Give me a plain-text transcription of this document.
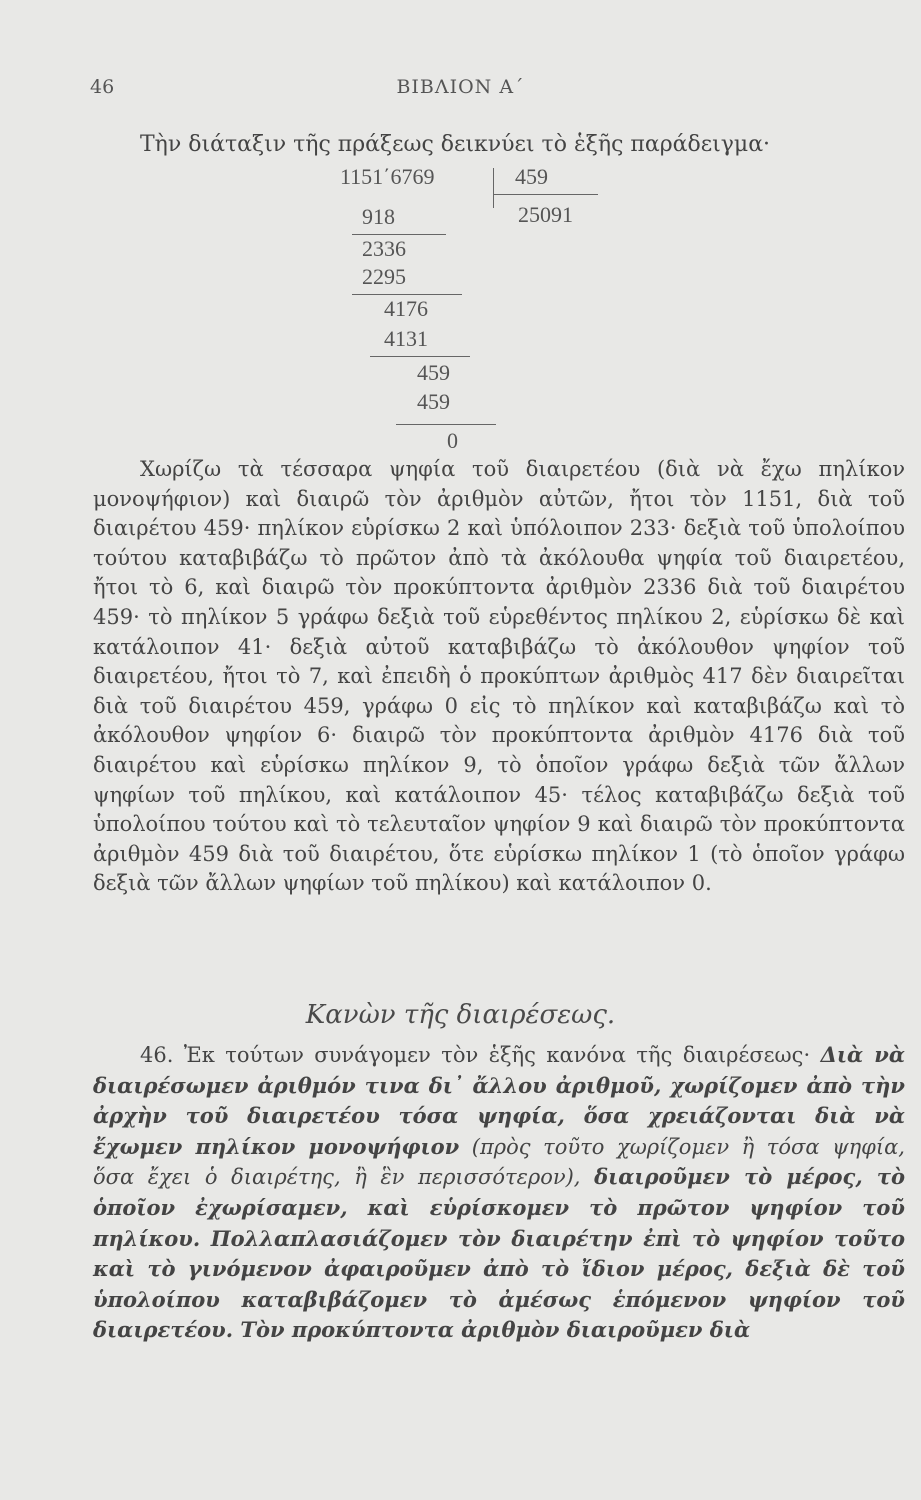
46	ΒΙΒΛΙΟΝ Α΄
Τὴν διάταξιν τῆς πράξεως δεικνύει τὸ ἑξῆς παράδειγμα·
1151΄6769	459
25091
918
2336
2295
4176
4131
459
459
0

Χωρίζω τὰ τέσσαρα ψηφία τοῦ διαιρετέου (διὰ νὰ ἔχω πηλίκον μονοψήφιον) καὶ διαιρῶ τὸν ἀριθμὸν αὐτῶν, ἤτοι τὸν 1151, διὰ τοῦ διαιρέτου 459· πηλίκον εὑρίσκω 2 καὶ ὑπόλοιπον 233· δεξιὰ τοῦ ὑπολοίπου τούτου καταβιβάζω τὸ πρῶτον ἀπὸ τὰ ἀκόλουθα ψηφία τοῦ διαιρετέου, ἤτοι τὸ 6, καὶ διαιρῶ τὸν προκύπτοντα ἀριθμὸν 2336 διὰ τοῦ διαιρέτου 459· τὸ πηλίκον 5 γράφω δεξιὰ τοῦ εὑρεθέντος πηλίκου 2, εὑρίσκω δὲ καὶ κατάλοιπον 41· δεξιὰ αὐτοῦ καταβιβάζω τὸ ἀκόλουθον ψηφίον τοῦ διαιρετέου, ἤτοι τὸ 7, καὶ ἐπειδὴ ὁ προκύπτων ἀριθμὸς 417 δὲν διαιρεῖται διὰ τοῦ διαιρέτου 459, γράφω 0 εἰς τὸ πηλίκον καὶ καταβιβάζω καὶ τὸ ἀκόλουθον ψηφίον 6· διαιρῶ τὸν προκύπτοντα ἀριθμὸν 4176 διὰ τοῦ διαιρέτου καὶ εὑρίσκω πηλίκον 9, τὸ ὁποῖον γράφω δεξιὰ τῶν ἄλλων ψηφίων τοῦ πηλίκου, καὶ κατάλοιπον 45· τέλος καταβιβάζω δεξιὰ τοῦ ὑπολοίπου τούτου καὶ τὸ τελευταῖον ψηφίον 9 καὶ διαιρῶ τὸν προκύπτοντα ἀριθμὸν 459 διὰ τοῦ διαιρέτου, ὅτε εὑρίσκω πηλίκον 1 (τὸ ὁποῖον γράφω δεξιὰ τῶν ἄλλων ψηφίων τοῦ πηλίκου) καὶ κατάλοιπον 0.

Κανὼν τῆς διαιρέσεως.

46. Ἐκ τούτων συνάγομεν τὸν ἑξῆς κανόνα τῆς διαιρέσεως· Διὰ νὰ διαιρέσωμεν ἀριθμόν τινα δι᾽ ἄλλου ἀριθμοῦ, χωρίζομεν ἀπὸ τὴν ἀρχὴν τοῦ διαιρετέου τόσα ψηφία, ὅσα χρειάζονται διὰ νὰ ἔχωμεν πηλίκον μονοψήφιον (πρὸς τοῦτο χωρίζομεν ἢ τόσα ψηφία, ὅσα ἔχει ὁ διαιρέτης, ἢ ἓν περισσότερον), διαιροῦμεν τὸ μέρος, τὸ ὁποῖον ἐχωρίσαμεν, καὶ εὑρίσκομεν τὸ πρῶτον ψηφίον τοῦ πηλίκου. Πολλαπλασιάζομεν τὸν διαιρέτην ἐπὶ τὸ ψηφίον τοῦτο καὶ τὸ γινόμενον ἀφαιροῦμεν ἀπὸ τὸ ἴδιον μέρος, δεξιὰ δὲ τοῦ ὑπολοίπου καταβιβάζομεν τὸ ἀμέσως ἑπόμενον ψηφίον τοῦ διαιρετέου. Τὸν προκύπτοντα ἀριθμὸν διαιροῦμεν διὰ
